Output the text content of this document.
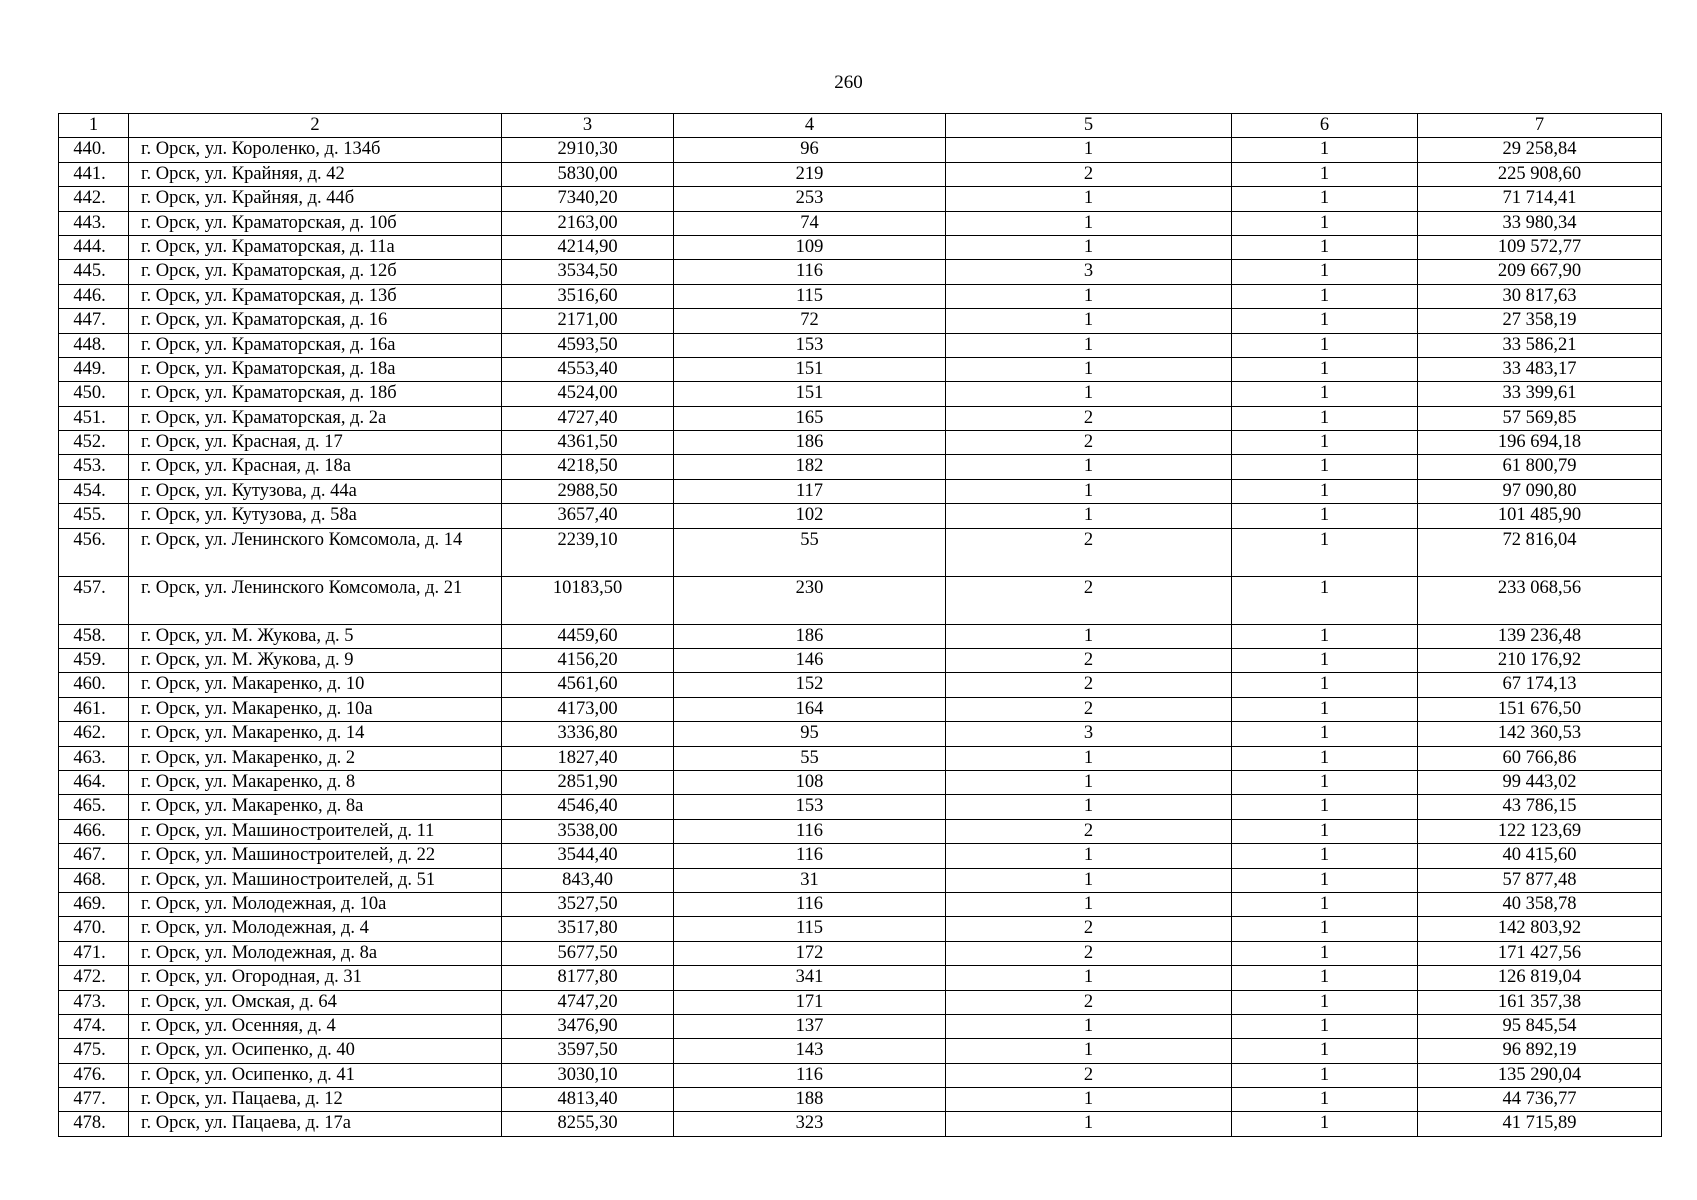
260
1	2	3	4	5	6	7
440.	г. Орск, ул. Короленко, д. 134б	2910,30	96	1	1	29 258,84
441.	г. Орск, ул. Крайняя, д. 42	5830,00	219	2	1	225 908,60
442.	г. Орск, ул. Крайняя, д. 44б	7340,20	253	1	1	71 714,41
443.	г. Орск, ул. Краматорская, д. 10б	2163,00	74	1	1	33 980,34
444.	г. Орск, ул. Краматорская, д. 11а	4214,90	109	1	1	109 572,77
445.	г. Орск, ул. Краматорская, д. 12б	3534,50	116	3	1	209 667,90
446.	г. Орск, ул. Краматорская, д. 13б	3516,60	115	1	1	30 817,63
447.	г. Орск, ул. Краматорская, д. 16	2171,00	72	1	1	27 358,19
448.	г. Орск, ул. Краматорская, д. 16а	4593,50	153	1	1	33 586,21
449.	г. Орск, ул. Краматорская, д. 18а	4553,40	151	1	1	33 483,17
450.	г. Орск, ул. Краматорская, д. 18б	4524,00	151	1	1	33 399,61
451.	г. Орск, ул. Краматорская, д. 2а	4727,40	165	2	1	57 569,85
452.	г. Орск, ул. Красная, д. 17	4361,50	186	2	1	196 694,18
453.	г. Орск, ул. Красная, д. 18а	4218,50	182	1	1	61 800,79
454.	г. Орск, ул. Кутузова, д. 44а	2988,50	117	1	1	97 090,80
455.	г. Орск, ул. Кутузова, д. 58а	3657,40	102	1	1	101 485,90
456.	г. Орск, ул. Ленинского Комсомола, д. 14	2239,10	55	2	1	72 816,04
457.	г. Орск, ул. Ленинского Комсомола, д. 21	10183,50	230	2	1	233 068,56
458.	г. Орск, ул. М. Жукова, д. 5	4459,60	186	1	1	139 236,48
459.	г. Орск, ул. М. Жукова, д. 9	4156,20	146	2	1	210 176,92
460.	г. Орск, ул. Макаренко, д. 10	4561,60	152	2	1	67 174,13
461.	г. Орск, ул. Макаренко, д. 10а	4173,00	164	2	1	151 676,50
462.	г. Орск, ул. Макаренко, д. 14	3336,80	95	3	1	142 360,53
463.	г. Орск, ул. Макаренко, д. 2	1827,40	55	1	1	60 766,86
464.	г. Орск, ул. Макаренко, д. 8	2851,90	108	1	1	99 443,02
465.	г. Орск, ул. Макаренко, д. 8а	4546,40	153	1	1	43 786,15
466.	г. Орск, ул. Машиностроителей, д. 11	3538,00	116	2	1	122 123,69
467.	г. Орск, ул. Машиностроителей, д. 22	3544,40	116	1	1	40 415,60
468.	г. Орск, ул. Машиностроителей, д. 51	843,40	31	1	1	57 877,48
469.	г. Орск, ул. Молодежная, д. 10а	3527,50	116	1	1	40 358,78
470.	г. Орск, ул. Молодежная, д. 4	3517,80	115	2	1	142 803,92
471.	г. Орск, ул. Молодежная, д. 8а	5677,50	172	2	1	171 427,56
472.	г. Орск, ул. Огородная, д. 31	8177,80	341	1	1	126 819,04
473.	г. Орск, ул. Омская, д. 64	4747,20	171	2	1	161 357,38
474.	г. Орск, ул. Осенняя, д. 4	3476,90	137	1	1	95 845,54
475.	г. Орск, ул. Осипенко, д. 40	3597,50	143	1	1	96 892,19
476.	г. Орск, ул. Осипенко, д. 41	3030,10	116	2	1	135 290,04
477.	г. Орск, ул. Пацаева, д. 12	4813,40	188	1	1	44 736,77
478.	г. Орск, ул. Пацаева, д. 17а	8255,30	323	1	1	41 715,89
